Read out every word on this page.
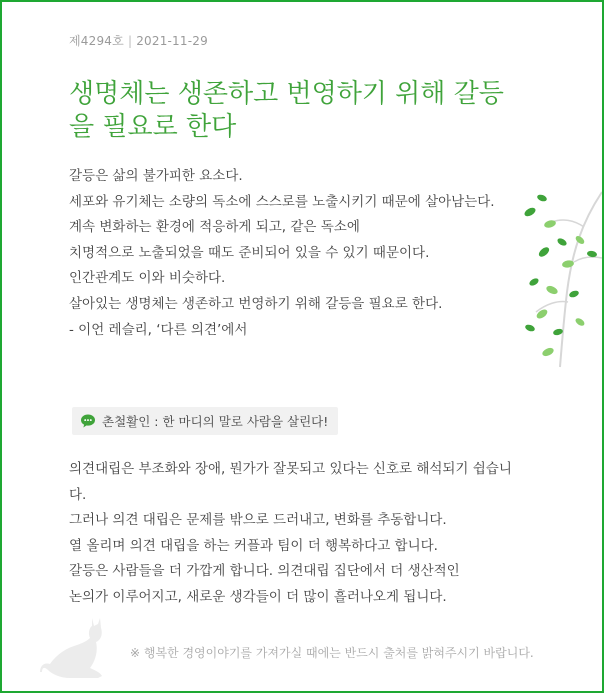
제4294호 | 2021-11-29
생명체는 생존하고 번영하기 위해 갈등을 필요로 한다

갈등은 삶의 불가피한 요소다.

세포와 유기체는 소량의 독소에 스스로를 노출시키기 때문에 살아남는다.

계속 변화하는 환경에 적응하게 되고, 같은 독소에

치명적으로 노출되었을 때도 준비되어 있을 수 있기 때문이다.

인간관계도 이와 비슷하다.

살아있는 생명체는 생존하고 번영하기 위해 갈등을 필요로 한다.

- 이언 레슬리, ‘다른 의견’에서

촌철활인 : 한 마디의 말로 사람을 살린다!

의견대립은 부조화와 장애, 뭔가가 잘못되고 있다는 신호로 해석되기 쉽습니다.

그러나 의견 대립은 문제를 밖으로 드러내고, 변화를 추동합니다.

열 올리며 의견 대립을 하는 커플과 팀이 더 행복하다고 합니다.

갈등은 사람들을 더 가깝게 합니다. 의견대립 집단에서 더 생산적인

논의가 이루어지고, 새로운 생각들이 더 많이 흘러나오게 됩니다.

※ 행복한 경영이야기를 가져가실 때에는 반드시 출처를 밝혀주시기 바랍니다.
